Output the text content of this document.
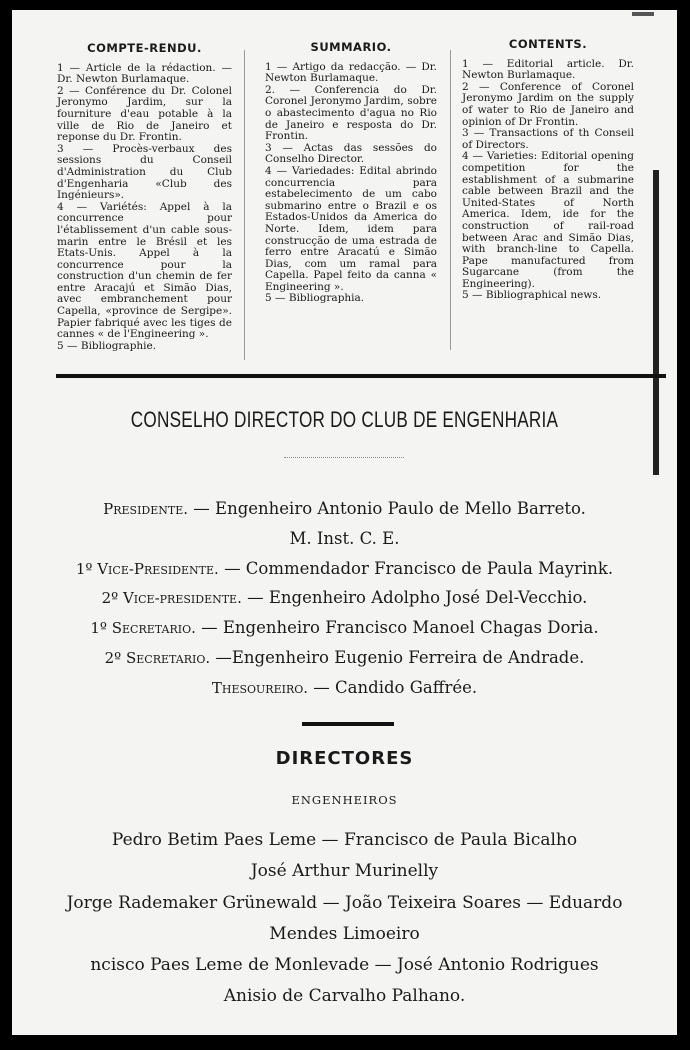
COMPTE-RENDU.

1 — Article de la rédaction. — Dr. Newton Burlamaque.

2 — Conférence du Dr. Colonel Jeronymo Jardim, sur la fourniture d'eau potable à la ville de Rio de Janeiro et reponse du Dr. Frontin.

3 — Procès-verbaux des sessions du Conseil d'Administration du Club d'Engenharia «Club des Ingénieurs».

4 — Variétés: Appel à la concurrence pour l'établissement d'un cable sous-marin entre le Brésil et les Etats-Unis. Appel à la concurrence pour la construction d'un chemin de fer entre Aracajú et Simão Dias, avec embranchement pour Capella, «province de Sergipe». Papier fabriqué avec les tiges de cannes « de l'Engineering ».

5 — Bibliographie.

SUMMARIO.

1 — Artigo da redacção. — Dr. Newton Burlamaque.

2. — Conferencia do Dr. Coronel Jeronymo Jardim, sobre o abastecimento d'agua no Rio de Janeiro e resposta do Dr. Frontin.

3 — Actas das sessões do Conselho Director.

4 — Variedades: Edital abrindo concurrencia para estabelecimento de um cabo submarino entre o Brazil e os Estados-Unidos da America do Norte. Idem, idem para construcção de uma estrada de ferro entre Aracatú e Simão Dias, com um ramal para Capella. Papel feito da canna « Engineering ».

5 — Bibliographia.

CONTENTS.

1 — Editorial article. Dr. Newton Burlamaque.

2 — Conference of Coronel Jeronymo Jardim on the supply of water to Rio de Janeiro and opinion of Dr Frontin.

3 — Transactions of th Conseil of Directors.

4 — Varieties: Editorial opening competition for the establishment of a submarine cable between Brazil and the United-States of North America. Idem, ide for the construction of rail-road between Arac and Simão Dias, with branch-line to Capella. Pape manufactured from Sugarcane (from the Engineering).

5 — Bibliographical news.

CONSELHO DIRECTOR DO CLUB DE ENGENHARIA
Presidente. — Engenheiro Antonio Paulo de Mello Barreto.
M. Inst. C. E.
1º Vice-Presidente. — Commendador Francisco de Paula Mayrink.
2º Vice-presidente. — Engenheiro Adolpho José Del-Vecchio.
1º Secretario. — Engenheiro Francisco Manoel Chagas Doria.
2º Secretario. —Engenheiro Eugenio Ferreira de Andrade.
Thesoureiro. — Candido Gaffrée.
DIRECTORES
ENGENHEIROS
Pedro Betim Paes Leme — Francisco de Paula Bicalho
José Arthur Murinelly
Jorge Rademaker Grünewald — João Teixeira Soares — Eduardo
Mendes Limoeiro
ncisco Paes Leme de Monlevade — José Antonio Rodrigues
Anisio de Carvalho Palhano.
